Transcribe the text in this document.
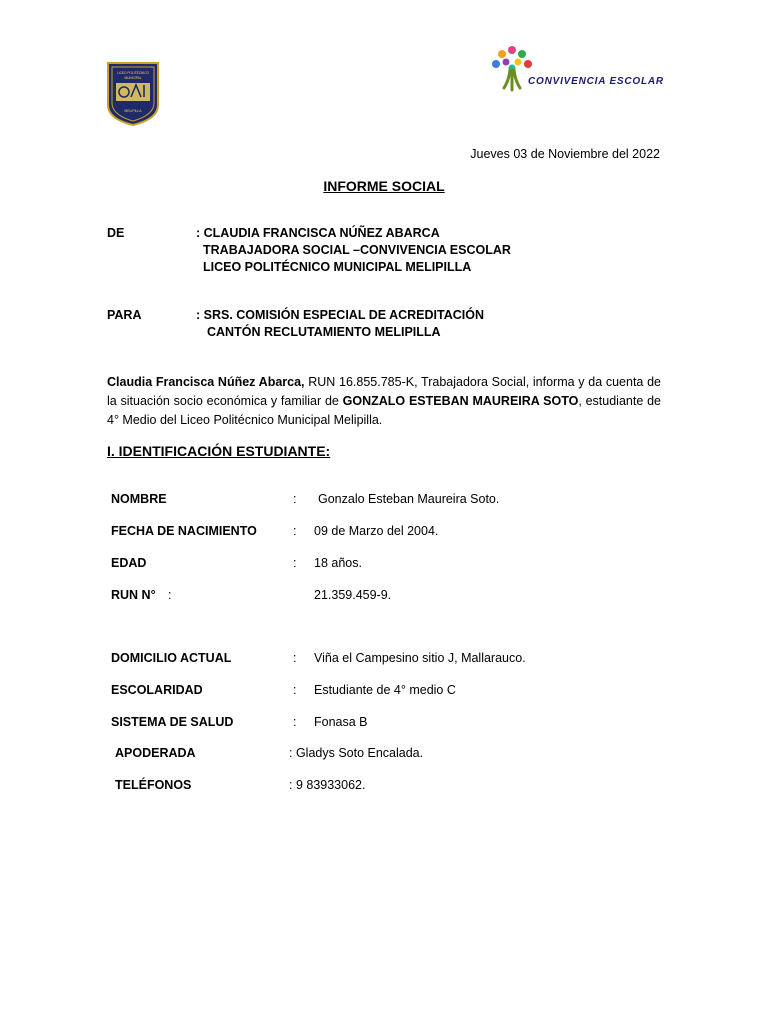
LICEO POLITÉCNICO
MUNICIPAL
MELIPILLA
CONVIVENCIA ESCOLAR
Jueves 03 de Noviembre del 2022
INFORME SOCIAL
DE	: CLAUDIA FRANCISCA NÚÑEZ ABARCA
TRABAJADORA SOCIAL –CONVIVENCIA ESCOLAR
LICEO POLITÉCNICO MUNICIPAL MELIPILLA
PARA	: SRS. COMISIÓN ESPECIAL DE ACREDITACIÓN
CANTÓN RECLUTAMIENTO MELIPILLA
Claudia Francisca Núñez Abarca, RUN 16.855.785-K, Trabajadora Social, informa y da cuenta de la situación socio económica y familiar de GONZALO ESTEBAN MAUREIRA SOTO, estudiante de 4° Medio del Liceo Politécnico Municipal Melipilla.
I. IDENTIFICACIÓN ESTUDIANTE:
NOMBRE	: Gonzalo Esteban Maureira Soto.
FECHA DE NACIMIENTO	: 09 de Marzo del 2004.
EDAD	: 18 años.
RUN N° :	21.359.459-9.
DOMICILIO ACTUAL	: Viña el Campesino sitio J, Mallarauco.
ESCOLARIDAD	: Estudiante de 4° medio C
SISTEMA DE SALUD	: Fonasa B
APODERADA	: Gladys Soto Encalada.
TELÉFONOS	: 9 83933062.
